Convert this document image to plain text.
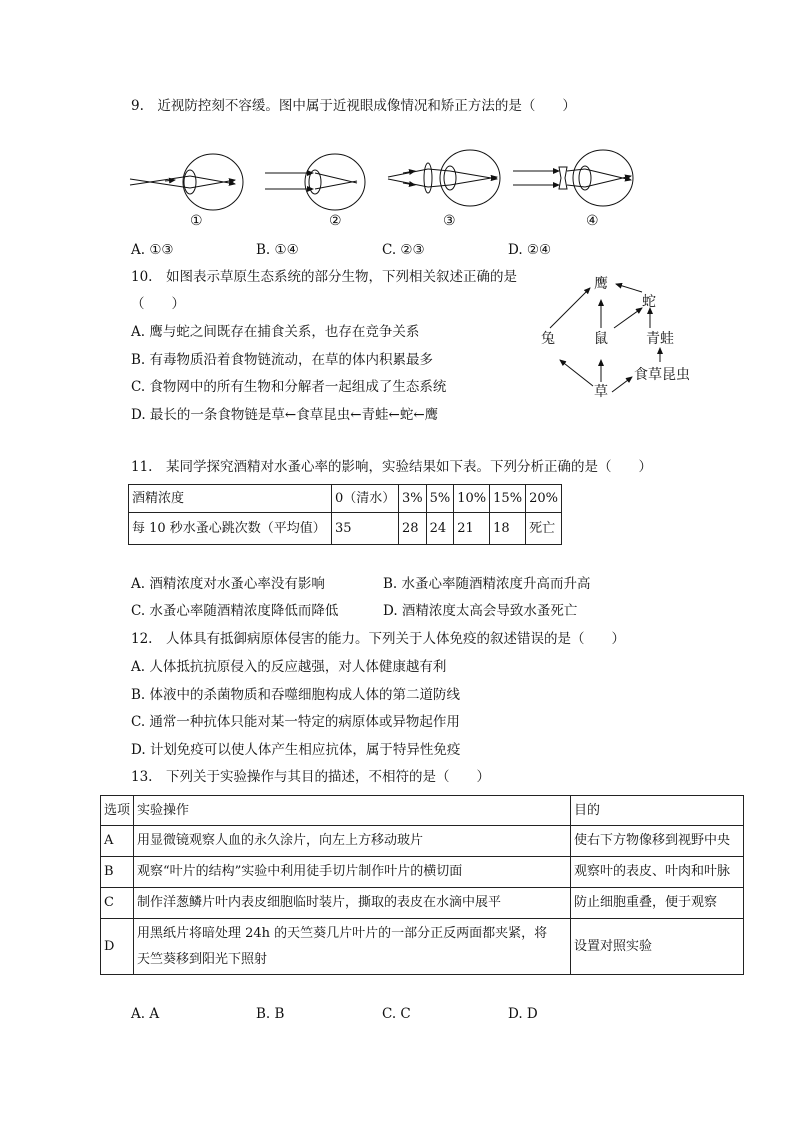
9.　近视防控刻不容缓。图中属于近视眼成像情况和矫正方法的是（　　）
①	②	③	④
A. ①③	B. ①④	C. ②③	D. ②④
10.　如图表示草原生态系统的部分生物，下列相关叙述正确的是
（　　）
A. 鹰与蛇之间既存在捕食关系，也存在竞争关系
B. 有毒物质沿着食物链流动，在草的体内积累最多
C. 食物网中的所有生物和分解者一起组成了生态系统
D. 最长的一条食物链是草←食草昆虫←青蛙←蛇←鹰
鹰
蛇
兔	鼠	青蛙
草
食草昆虫
11.　某同学探究酒精对水蚤心率的影响，实验结果如下表。下列分析正确的是（　　）
酒精浓度	0（清水）	3%	5%	10%	15%	20%
每 10 秒水蚤心跳次数（平均值）	35	28	24	21	18	死亡
A. 酒精浓度对水蚤心率没有影响	B. 水蚤心率随酒精浓度升高而升高
C. 水蚤心率随酒精浓度降低而降低	D. 酒精浓度太高会导致水蚤死亡
12.　人体具有抵御病原体侵害的能力。下列关于人体免疫的叙述错误的是（　　）
A. 人体抵抗抗原侵入的反应越强，对人体健康越有利
B. 体液中的杀菌物质和吞噬细胞构成人体的第二道防线
C. 通常一种抗体只能对某一特定的病原体或异物起作用
D. 计划免疫可以使人体产生相应抗体，属于特异性免疫
13.　下列关于实验操作与其目的描述，不相符的是（　　）
选项	实验操作	目的
A	用显微镜观察人血的永久涂片，向左上方移动玻片	使右下方物像移到视野中央
B	观察“叶片的结构”实验中利用徒手切片制作叶片的横切面	观察叶的表皮、叶肉和叶脉
C	制作洋葱鳞片叶内表皮细胞临时装片，撕取的表皮在水滴中展平	防止细胞重叠，便于观察
D	用黑纸片将暗处理 24h 的天竺葵几片叶片的一部分正反两面都夹紧，将
天竺葵移到阳光下照射	设置对照实验
A. A	B. B	C. C	D. D
